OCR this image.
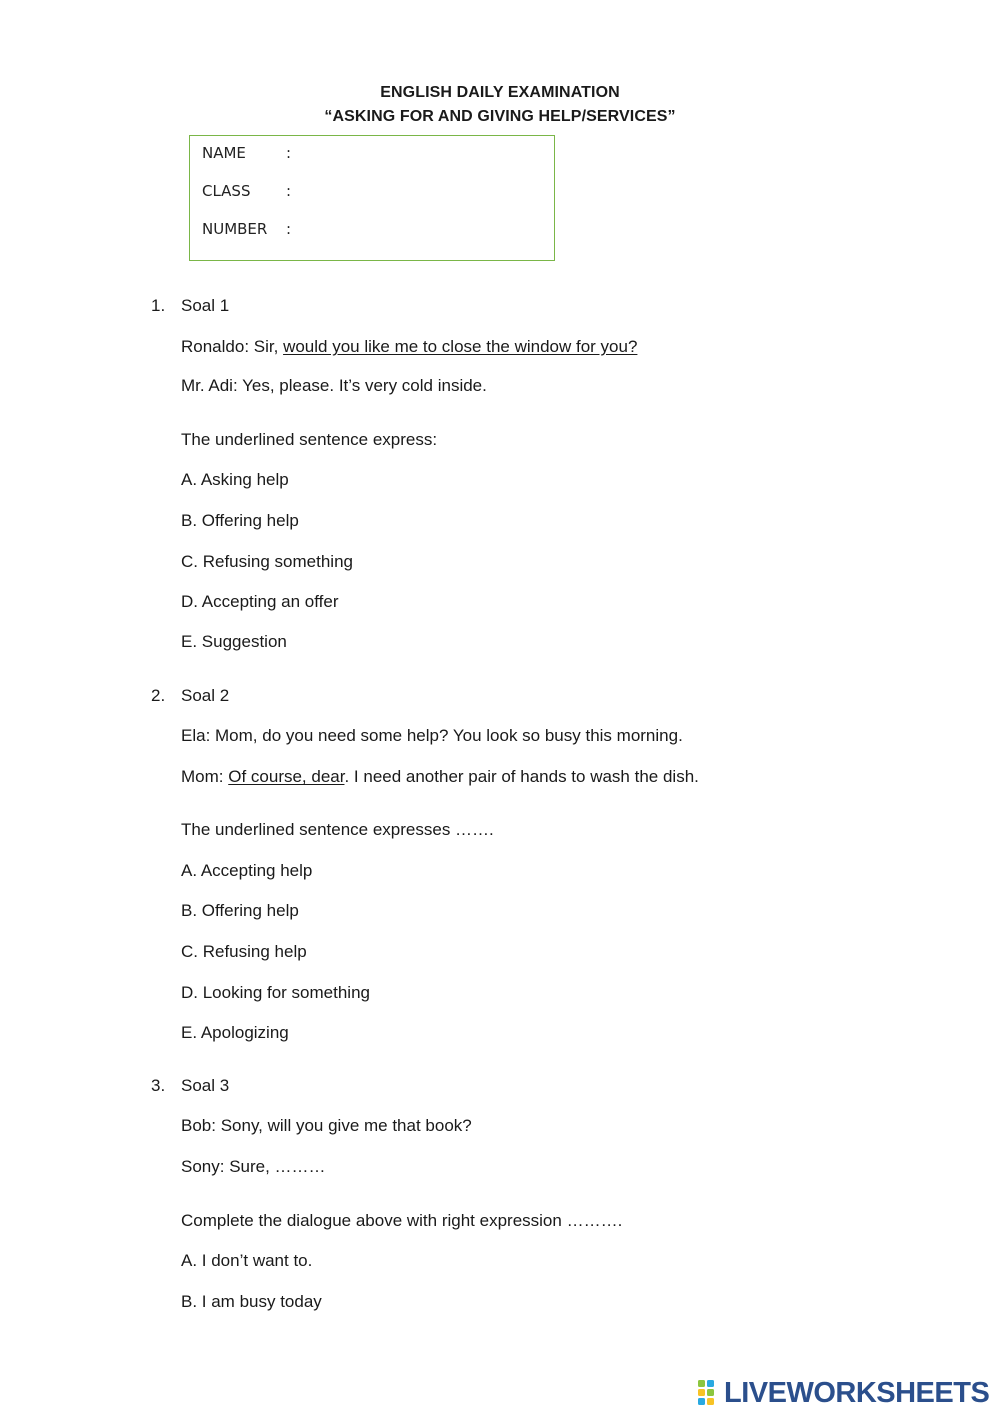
ENGLISH DAILY EXAMINATION
“ASKING FOR AND GIVING HELP/SERVICES”
NAME	:
CLASS :
NUMBER :
1. Soal 1
Ronaldo: Sir, would you like me to close the window for you?
Mr. Adi: Yes, please. It’s very cold inside.
The underlined sentence express:
A. Asking help
B. Offering help
C. Refusing something
D. Accepting an offer
E. Suggestion
2. Soal 2
Ela: Mom, do you need some help? You look so busy this morning.
Mom: Of course, dear. I need another pair of hands to wash the dish.
The underlined sentence expresses …….
A. Accepting help
B. Offering help
C. Refusing help
D. Looking for something
E. Apologizing
3. Soal 3
Bob: Sony, will you give me that book?
Sony: Sure, ………
Complete the dialogue above with right expression ……….
A. I don’t want to.
B. I am busy today
LIVEWORKSHEETS
